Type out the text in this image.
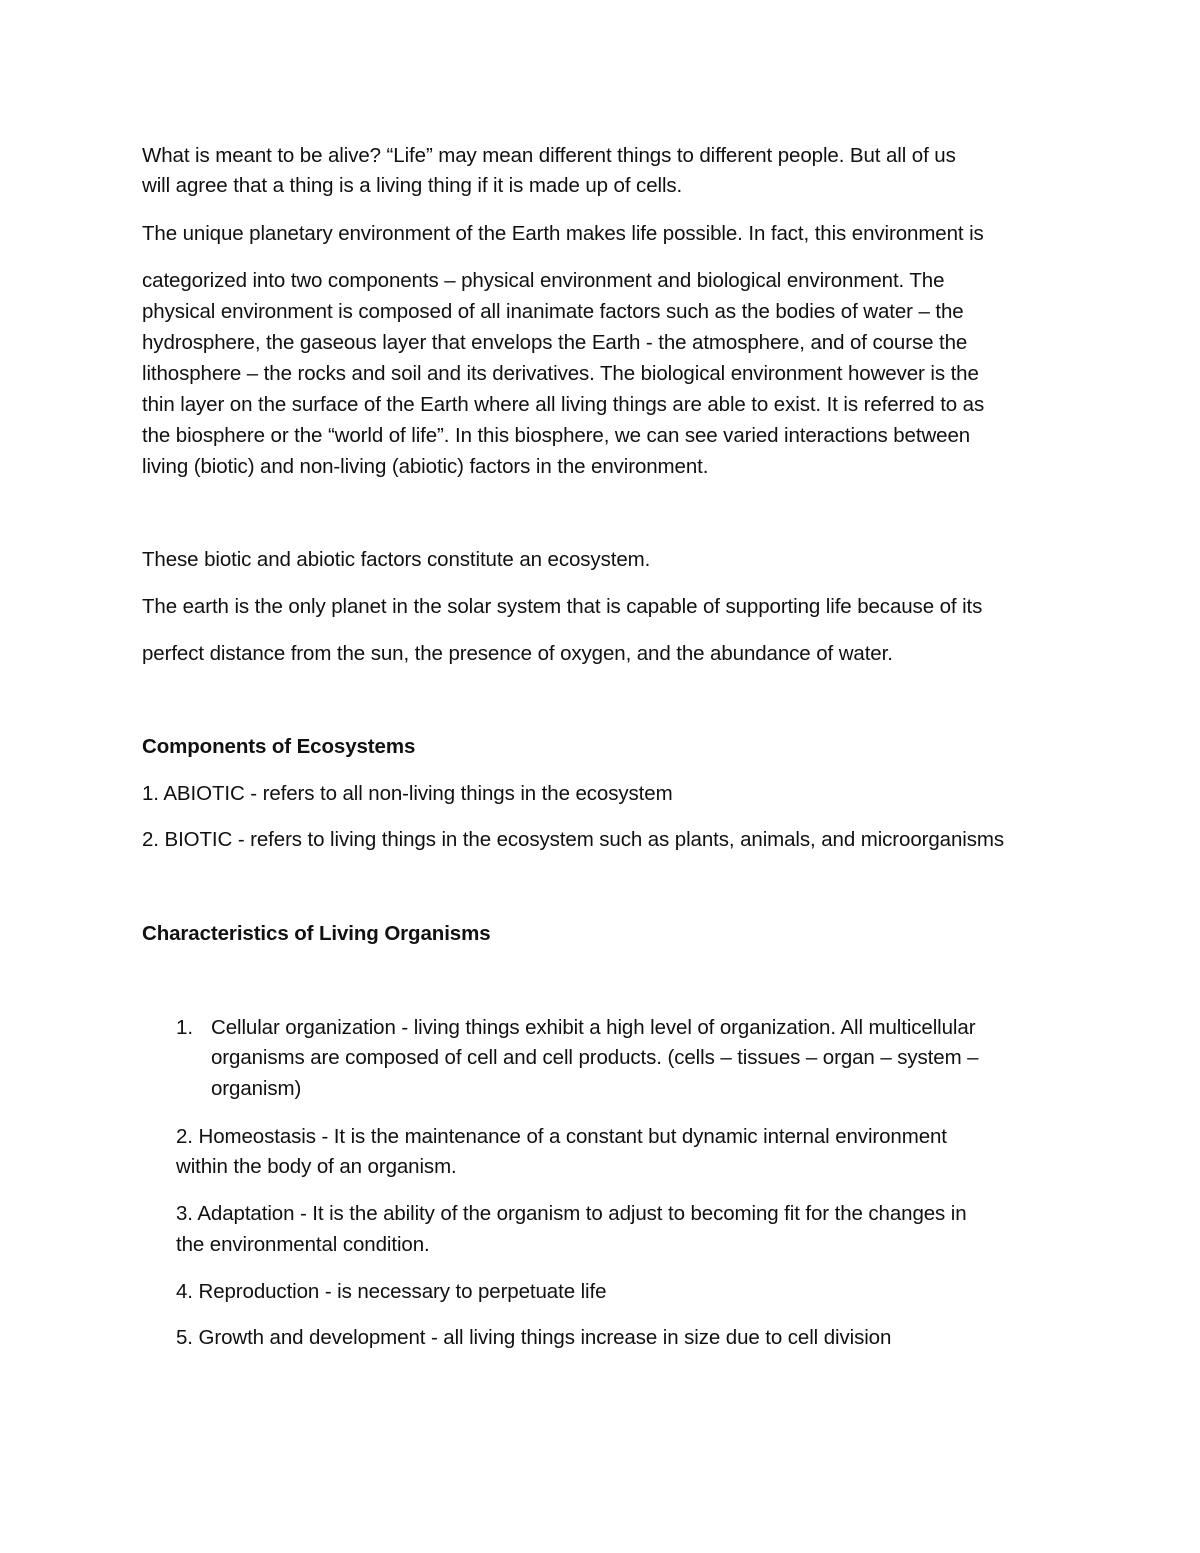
What is meant to be alive? “Life” may mean different things to different people. But all of us
will agree that a thing is a living thing if it is made up of cells.
The unique planetary environment of the Earth makes life possible. In fact, this environment is
categorized into two components – physical environment and biological environment. The
physical environment is composed of all inanimate factors such as the bodies of water – the
hydrosphere, the gaseous layer that envelops the Earth - the atmosphere, and of course the
lithosphere – the rocks and soil and its derivatives. The biological environment however is the
thin layer on the surface of the Earth where all living things are able to exist. It is referred to as
the biosphere or the “world of life”. In this biosphere, we can see varied interactions between
living (biotic) and non-living (abiotic) factors in the environment.
These biotic and abiotic factors constitute an ecosystem.
The earth is the only planet in the solar system that is capable of supporting life because of its
perfect distance from the sun, the presence of oxygen, and the abundance of water.
Components of Ecosystems
1. ABIOTIC - refers to all non-living things in the ecosystem
2. BIOTIC - refers to living things in the ecosystem such as plants, animals, and microorganisms
Characteristics of Living Organisms
1. Cellular organization - living things exhibit a high level of organization. All multicellular
organisms are composed of cell and cell products. (cells – tissues – organ – system –
organism)
2. Homeostasis - It is the maintenance of a constant but dynamic internal environment
within the body of an organism.
3. Adaptation - It is the ability of the organism to adjust to becoming fit for the changes in
the environmental condition.
4. Reproduction - is necessary to perpetuate life
5. Growth and development - all living things increase in size due to cell division
